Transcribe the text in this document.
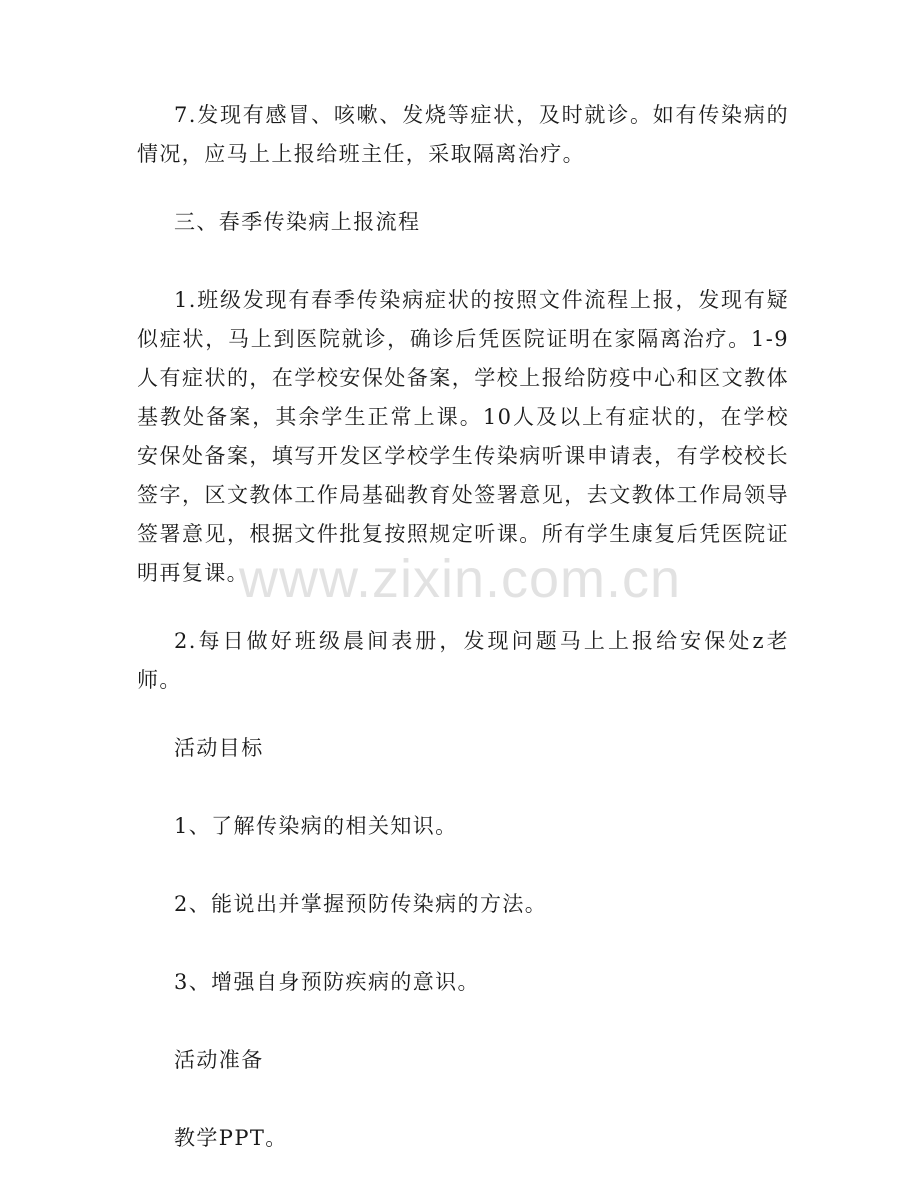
7.发现有感冒、咳嗽、发烧等症状，及时就诊。如有传染病的情况，应马上上报给班主任，采取隔离治疗。

三、春季传染病上报流程

1.班级发现有春季传染病症状的按照文件流程上报，发现有疑似症状，马上到医院就诊，确诊后凭医院证明在家隔离治疗。1-9人有症状的，在学校安保处备案，学校上报给防疫中心和区文教体基教处备案，其余学生正常上课。10人及以上有症状的，在学校安保处备案，填写开发区学校学生传染病听课申请表，有学校校长签字，区文教体工作局基础教育处签署意见，去文教体工作局领导签署意见，根据文件批复按照规定听课。所有学生康复后凭医院证明再复课。

2.每日做好班级晨间表册，发现问题马上上报给安保处z老师。

活动目标

1、了解传染病的相关知识。

2、能说出并掌握预防传染病的方法。

3、增强自身预防疾病的意识。

活动准备

教学PPT。

www.zixin.com.cn
